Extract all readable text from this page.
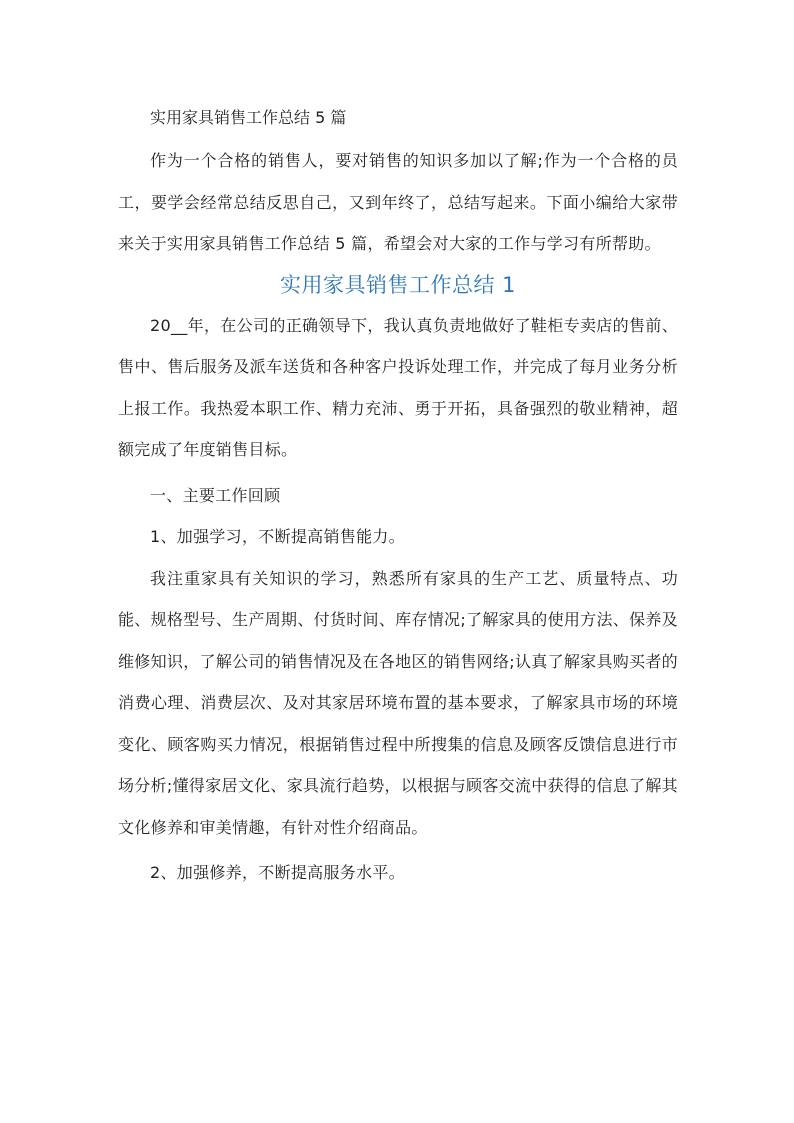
实用家具销售工作总结 5 篇

作为一个合格的销售人，要对销售的知识多加以了解;作为一个合格的员工，要学会经常总结反思自己，又到年终了，总结写起来。下面小编给大家带来关于实用家具销售工作总结 5 篇，希望会对大家的工作与学习有所帮助。

实用家具销售工作总结 1

20__年，在公司的正确领导下，我认真负责地做好了鞋柜专卖店的售前、售中、售后服务及派车送货和各种客户投诉处理工作，并完成了每月业务分析上报工作。我热爱本职工作、精力充沛、勇于开拓，具备强烈的敬业精神，超额完成了年度销售目标。

一、主要工作回顾
1、加强学习，不断提高销售能力。

我注重家具有关知识的学习，熟悉所有家具的生产工艺、质量特点、功能、规格型号、生产周期、付货时间、库存情况;了解家具的使用方法、保养及维修知识，了解公司的销售情况及在各地区的销售网络;认真了解家具购买者的消费心理、消费层次、及对其家居环境布置的基本要求，了解家具市场的环境变化、顾客购买力情况，根据销售过程中所搜集的信息及顾客反馈信息进行市场分析;懂得家居文化、家具流行趋势，以根据与顾客交流中获得的信息了解其文化修养和审美情趣，有针对性介绍商品。

2、加强修养，不断提高服务水平。
